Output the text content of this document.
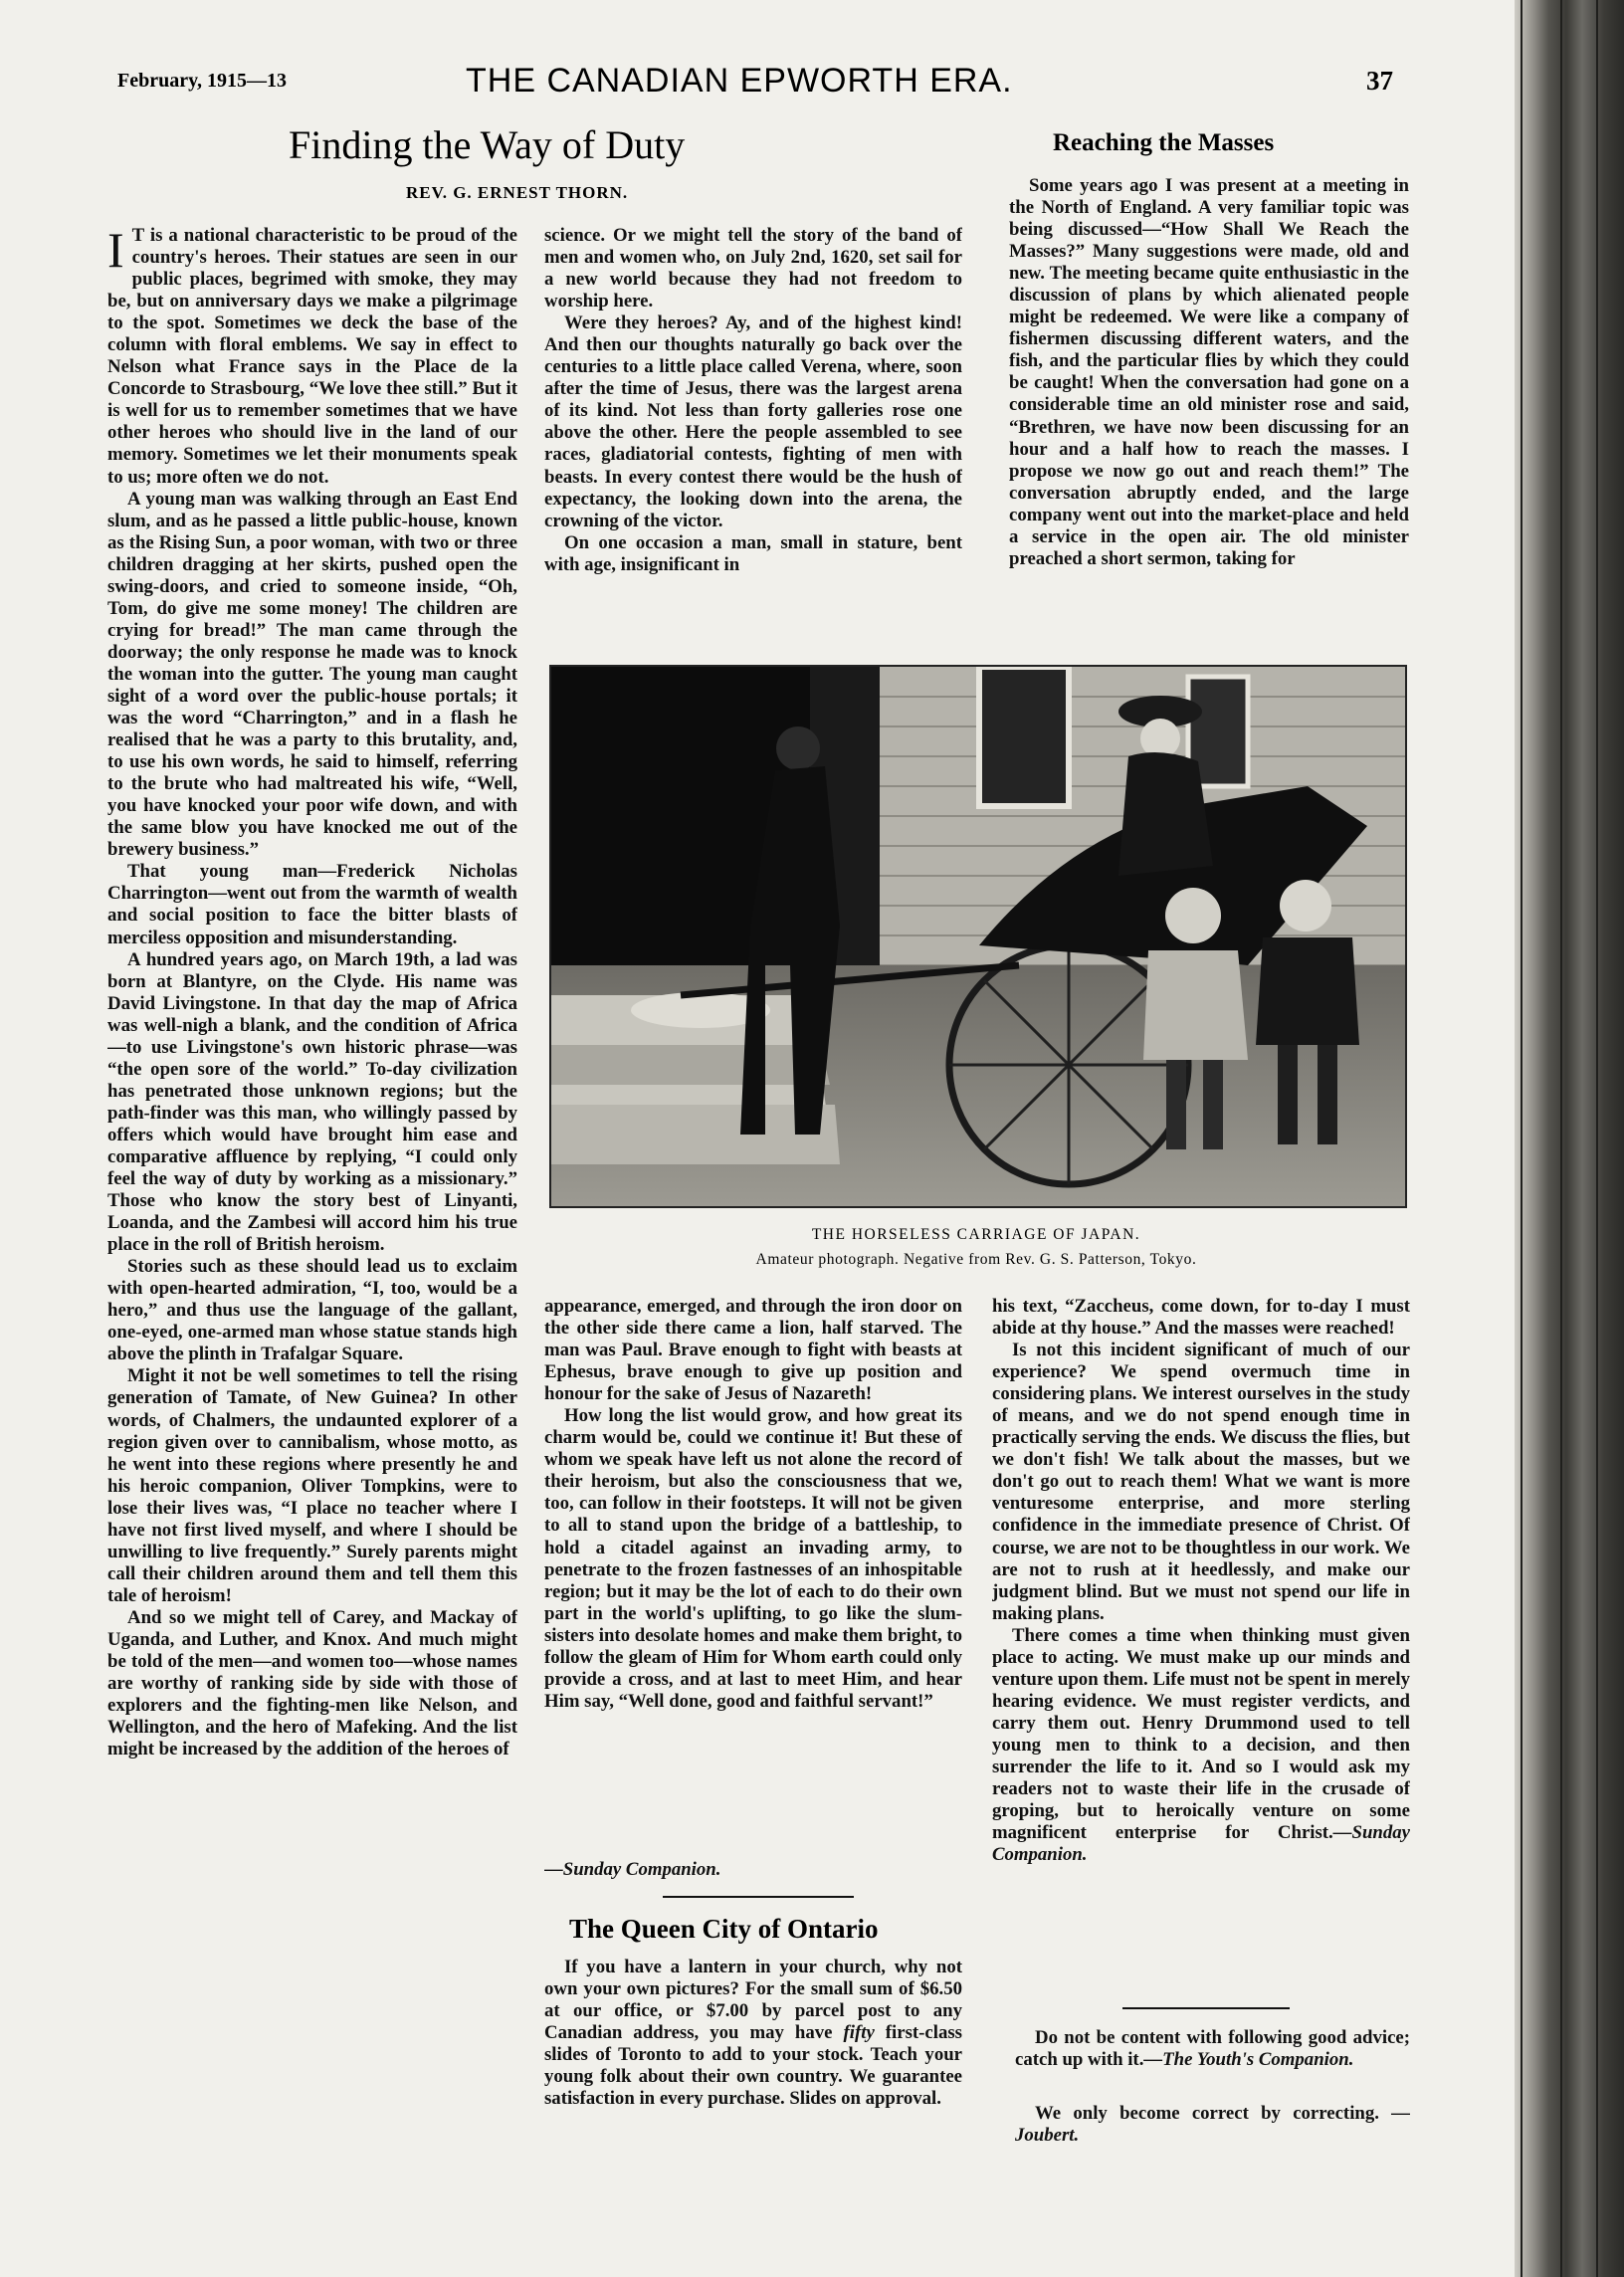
February, 1915—13	THE CANADIAN EPWORTH ERA.	37
Finding the Way of Duty
REV. G. ERNEST THORN.

I T is a national characteristic to be proud of the country's heroes. Their statues are seen in our public places, begrimed with smoke, they may be, but on anniversary days we make a pilgrimage to the spot. Sometimes we deck the base of the column with floral emblems. We say in effect to Nelson what France says in the Place de la Concorde to Strasbourg, “We love thee still.” But it is well for us to remember sometimes that we have other heroes who should live in the land of our memory. Sometimes we let their monuments speak to us; more often we do not.

A young man was walking through an East End slum, and as he passed a little public-house, known as the Rising Sun, a poor woman, with two or three children dragging at her skirts, pushed open the swing-doors, and cried to someone inside, “Oh, Tom, do give me some money! The children are crying for bread!” The man came through the doorway; the only response he made was to knock the woman into the gutter. The young man caught sight of a word over the public-house portals; it was the word “Charrington,” and in a flash he realised that he was a party to this brutality, and, to use his own words, he said to himself, referring to the brute who had maltreated his wife, “Well, you have knocked your poor wife down, and with the same blow you have knocked me out of the brewery business.”

That young man—Frederick Nicholas Charrington—went out from the warmth of wealth and social position to face the bitter blasts of merciless opposition and misunderstanding.

A hundred years ago, on March 19th, a lad was born at Blantyre, on the Clyde. His name was David Livingstone. In that day the map of Africa was well-nigh a blank, and the condition of Africa—to use Livingstone's own historic phrase—was “the open sore of the world.” To-day civilization has penetrated those unknown regions; but the path-finder was this man, who willingly passed by offers which would have brought him ease and comparative affluence by replying, “I could only feel the way of duty by working as a missionary.” Those who know the story best of Linyanti, Loanda, and the Zambesi will accord him his true place in the roll of British heroism.

Stories such as these should lead us to exclaim with open-hearted admiration, “I, too, would be a hero,” and thus use the language of the gallant, one-eyed, one-armed man whose statue stands high above the plinth in Trafalgar Square.

Might it not be well sometimes to tell the rising generation of Tamate, of New Guinea? In other words, of Chalmers, the undaunted explorer of a region given over to cannibalism, whose motto, as he went into these regions where presently he and his heroic companion, Oliver Tompkins, were to lose their lives was, “I place no teacher where I have not first lived myself, and where I should be unwilling to live frequently.” Surely parents might call their children around them and tell them this tale of heroism!

And so we might tell of Carey, and Mackay of Uganda, and Luther, and Knox. And much might be told of the men—and women too—whose names are worthy of ranking side by side with those of explorers and the fighting-men like Nelson, and Wellington, and the hero of Mafeking. And the list might be increased by the addition of the heroes of

science. Or we might tell the story of the band of men and women who, on July 2nd, 1620, set sail for a new world because they had not freedom to worship here.

Were they heroes? Ay, and of the highest kind! And then our thoughts naturally go back over the centuries to a little place called Verena, where, soon after the time of Jesus, there was the largest arena of its kind. Not less than forty galleries rose one above the other. Here the people assembled to see races, gladiatorial contests, fighting of men with beasts. In every contest there would be the hush of expectancy, the looking down into the arena, the crowning of the victor.

On one occasion a man, small in stature, bent with age, insignificant in

Reaching the Masses

Some years ago I was present at a meeting in the North of England. A very familiar topic was being discussed—“How Shall We Reach the Masses?” Many suggestions were made, old and new. The meeting became quite enthusiastic in the discussion of plans by which alienated people might be redeemed. We were like a company of fishermen discussing different waters, and the fish, and the particular flies by which they could be caught! When the conversation had gone on a considerable time an old minister rose and said, “Brethren, we have now been discussing for an hour and a half how to reach the masses. I propose we now go out and reach them!” The conversation abruptly ended, and the large company went out into the market-place and held a service in the open air. The old minister preached a short sermon, taking for

THE HORSELESS CARRIAGE OF JAPAN.
Amateur photograph. Negative from Rev. G. S. Patterson, Tokyo.

appearance, emerged, and through the iron door on the other side there came a lion, half starved. The man was Paul. Brave enough to fight with beasts at Ephesus, brave enough to give up position and honour for the sake of Jesus of Nazareth!

How long the list would grow, and how great its charm would be, could we continue it! But these of whom we speak have left us not alone the record of their heroism, but also the consciousness that we, too, can follow in their footsteps. It will not be given to all to stand upon the bridge of a battleship, to hold a citadel against an invading army, to penetrate to the frozen fastnesses of an inhospitable region; but it may be the lot of each to do their own part in the world's uplifting, to go like the slum-sisters into desolate homes and make them bright, to follow the gleam of Him for Whom earth could only provide a cross, and at last to meet Him, and hear Him say, “Well done, good and faithful servant!”

—Sunday Companion.
The Queen City of Ontario

If you have a lantern in your church, why not own your own pictures? For the small sum of $6.50 at our office, or $7.00 by parcel post to any Canadian address, you may have fifty first-class slides of Toronto to add to your stock. Teach your young folk about their own country. We guarantee satisfaction in every purchase. Slides on approval.

his text, “Zaccheus, come down, for to-day I must abide at thy house.” And the masses were reached!

Is not this incident significant of much of our experience? We spend overmuch time in considering plans. We interest ourselves in the study of means, and we do not spend enough time in practically serving the ends. We discuss the flies, but we don't fish! We talk about the masses, but we don't go out to reach them! What we want is more venturesome enterprise, and more sterling confidence in the immediate presence of Christ. Of course, we are not to be thoughtless in our work. We are not to rush at it heedlessly, and make our judgment blind. But we must not spend our life in making plans.

There comes a time when thinking must given place to acting. We must make up our minds and venture upon them. Life must not be spent in merely hearing evidence. We must register verdicts, and carry them out. Henry Drummond used to tell young men to think to a decision, and then surrender the life to it. And so I would ask my readers not to waste their life in the crusade of groping, but to heroically venture on some magnificent enterprise for Christ.—Sunday Companion.

Do not be content with following good advice; catch up with it.—The Youth's Companion.

We only become correct by correcting. —Joubert.
